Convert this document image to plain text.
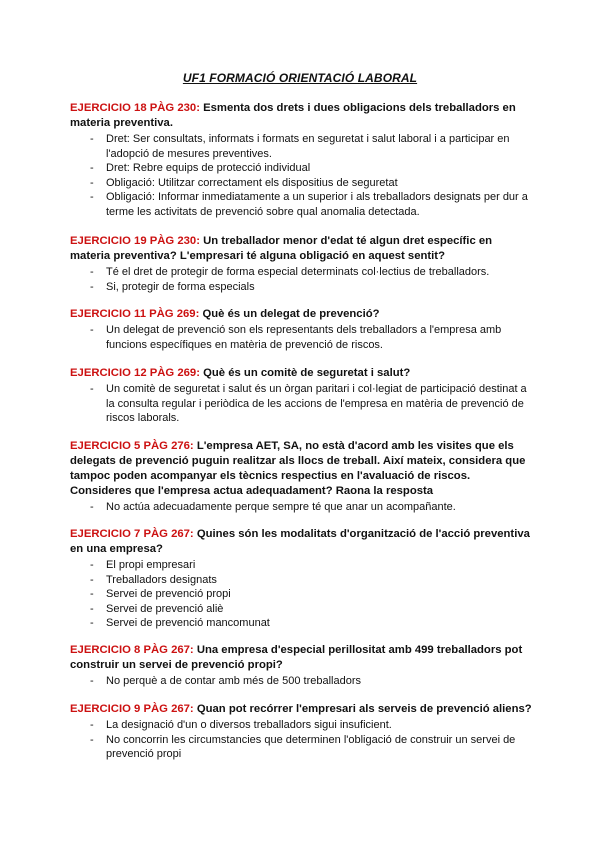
UF1 FORMACIÓ ORIENTACIÓ LABORAL

EJERCICIO 18 PÀG 230: Esmenta dos drets i dues obligacions dels treballadors en materia preventiva.

- Dret: Ser consultats, informats i formats en seguretat i salut laboral i a participar en l'adopció de mesures preventives.
- Dret: Rebre equips de protecció individual
- Obligació: Utilitzar correctament els dispositius de seguretat
- Obligació: Informar inmediatamente a un superior i als treballadors designats per dur a terme les activitats de prevenció sobre qual anomalia detectada.

EJERCICIO 19 PÀG 230: Un treballador menor d'edat té algun dret específic en materia preventiva? L'empresari té alguna obligació en aquest sentit?

- Té el dret de protegir de forma especial determinats col·lectius de treballadors.
- Si, protegir de forma especials

EJERCICIO 11 PÀG 269: Què és un delegat de prevenció?

- Un delegat de prevenció son els representants dels treballadors a l'empresa amb funcions específiques en matèria de prevenció de riscos.

EJERCICIO 12 PÀG 269: Què és un comitè de seguretat i salut?

- Un comitè de seguretat i salut és un òrgan paritari i col·legiat de participació destinat a la consulta regular i periòdica de les accions de l'empresa en matèria de prevenció de riscos laborals.

EJERCICIO 5 PÀG 276: L'empresa AET, SA, no està d'acord amb les visites que els delegats de prevenció puguin realitzar als llocs de treball. Així mateix, considera que tampoc poden acompanyar els tècnics respectius en l'avaluació de riscos. Consideres que l'empresa actua adequadament? Raona la resposta

- No actúa adecuadamente perque sempre té que anar un acompañante.

EJERCICIO 7 PÀG 267: Quines són les modalitats d'organització de l'acció preventiva en una empresa?

- El propi empresari
- Treballadors designats
- Servei de prevenció propi
- Servei de prevenció aliè
- Servei de prevenció mancomunat

EJERCICIO 8 PÀG 267: Una empresa d'especial perillositat amb 499 treballadors pot construir un servei de prevenció propi?

- No perquè a de contar amb més de 500 treballadors

EJERCICIO 9 PÀG 267: Quan pot recórrer l'empresari als serveis de prevenció aliens?

- La designació d'un o diversos treballadors sigui insuficient.
- No concorrin les circumstancies que determinen l'obligació de construir un servei de prevenció propi
